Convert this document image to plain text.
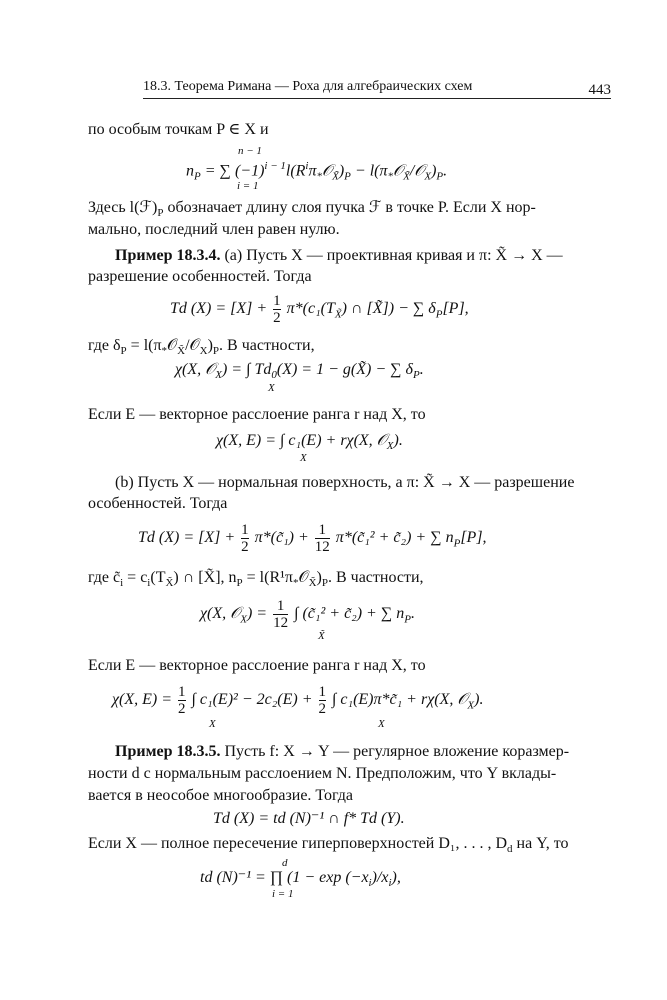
18.3. Теорема Римана — Роха для алгебраических схем	443
по особым точкам P ∈ X и
n − 1
$n_P$ = ∑ $(-1)^{i - 1}l(R^i\pi_*𝒪_{X̃})_P$ − $l(\pi_*𝒪_{X̃}/𝒪_X)_P$.
i = 1
Здесь $l(ℱ)_P$ обозначает длину слоя пучка ℱ в точке P. Если X нор-
мально, последний член равен нулю.
Пример 18.3.4. (a) Пусть X — проективная кривая и π: X̃ → X —
разрешение особенностей. Тогда
Td $(X) = [X] + \frac{1}{2} \pi*(c_1(T_{X̃})$ ∩ [X̃]) − ∑ $\delta_P[P]$,
где $\delta_P$ = $l(\pi_*𝒪_{X̃}/𝒪_X)_P$. В частности,
χ(X, 𝒪$_X$) = ∫ $Td_0(X) = 1$ − g(X̃) − ∑ $\delta_P$.
X
Если E — векторное расслоение ранга r над X, то
χ(X, E) = ∫ c₁(E) + rχ(X, 𝒪$_X$).
X
(b) Пусть X — нормальная поверхность, а π: X̃ → X — разрешение
особенностей. Тогда
Td $(X) = [X] + \frac{1}{2}$ π*(c̃₁) + $\frac{1}{12}$ π*(c̃₁² + c̃₂) + ∑ $n_P[P]$,
где $c̃_i = c_i(T_{X̃})$ ∩ [X̃], $n_P$ = $l(R^1\pi_*𝒪_{X̃})_P$. В частности,
χ(X, 𝒪$_X$) = $\frac{1}{12}$ ∫ (c̃₁² + c̃₂) + ∑ $n_P$.
X̃
Если E — векторное расслоение ранга r над X, то
χ(X, $E) = \frac{1}{2}$ ∫ $c_1(E)^2 - 2c_2(E) + \frac{1}{2}$ ∫ c₁(E)π*c̃₁ + rχ(X, 𝒪$_X$).
X	X
Пример 18.3.5. Пусть f: X → Y — регулярное вложение коразмер-
ности d с нормальным расслоением N. Предположим, что Y вклады-
вается в неособое многообразие. Тогда
Td (X) = td (N)⁻¹ ∩ f* Td (Y).
Если X — полное пересечение гиперповерхностей D₁, . . . , $D_d$ на Y, то
d
td (N)⁻¹ = ∏ $(1 - \exp (-x_i)/x_i)$,
i = 1
